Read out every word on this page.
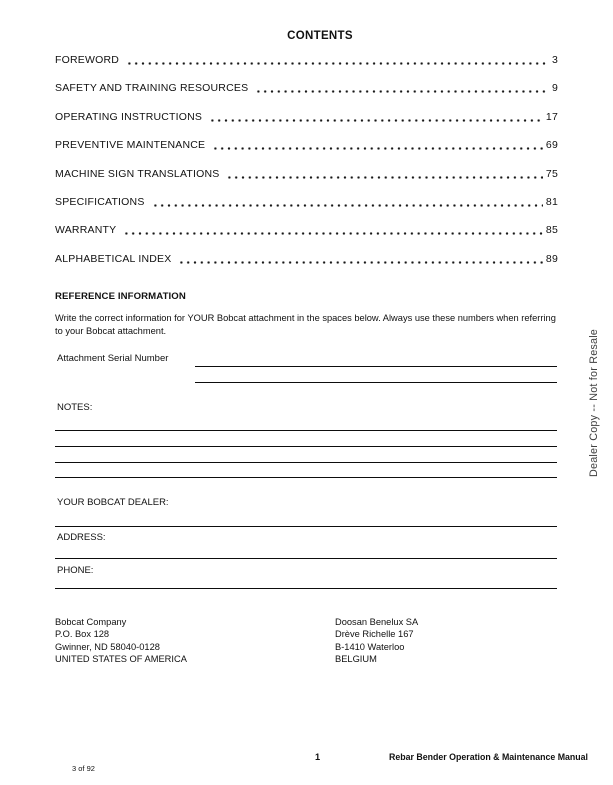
CONTENTS
FOREWORD	3
SAFETY AND TRAINING RESOURCES	9
OPERATING INSTRUCTIONS	17
PREVENTIVE MAINTENANCE	69
MACHINE SIGN TRANSLATIONS	75
SPECIFICATIONS	81
WARRANTY	85
ALPHABETICAL INDEX	89
REFERENCE INFORMATION

Write the correct information for YOUR Bobcat attachment in the spaces below. Always use these numbers when referring to your Bobcat attachment.

Attachment Serial Number
NOTES:
YOUR BOBCAT DEALER:
ADDRESS:
PHONE:
Bobcat Company
P.O. Box 128
Gwinner, ND 58040-0128
UNITED STATES OF AMERICA
Doosan Benelux SA
Drève Richelle 167
B-1410 Waterloo
BELGIUM
Dealer Copy -- Not for Resale
1	Rebar Bender Operation & Maintenance Manual
3 of 92
